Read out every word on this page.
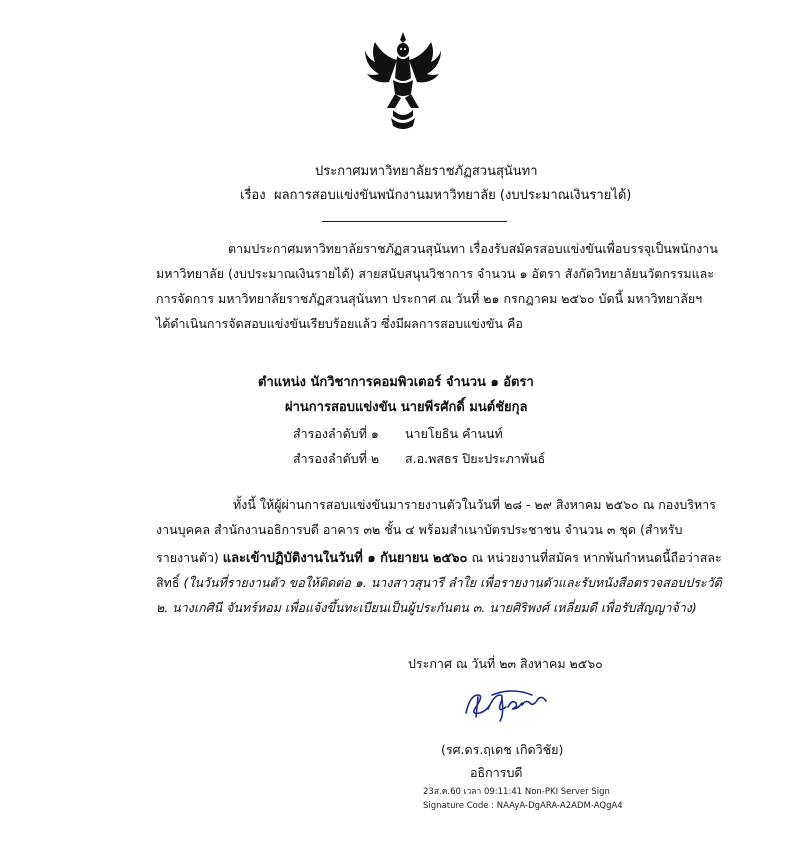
ประกาศมหาวิทยาลัยราชภัฏสวนสุนันทา
เรื่อง ผลการสอบแข่งขันพนักงานมหาวิทยาลัย (งบประมาณเงินรายได้)
ตามประกาศมหาวิทยาลัยราชภัฏสวนสุนันทา เรื่องรับสมัครสอบแข่งขันเพื่อบรรจุเป็นพนักงาน
มหาวิทยาลัย (งบประมาณเงินรายได้) สายสนับสนุนวิชาการ จำนวน ๑ อัตรา สังกัดวิทยาลัยนวัตกรรมและ
การจัดการ มหาวิทยาลัยราชภัฏสวนสุนันทา ประกาศ ณ วันที่ ๒๑ กรกฎาคม ๒๕๖๐ บัดนี้ มหาวิทยาลัยฯ
ได้ดำเนินการจัดสอบแข่งขันเรียบร้อยแล้ว ซึ่งมีผลการสอบแข่งขัน คือ
ตำแหน่ง นักวิชาการคอมพิวเตอร์ จำนวน ๑ อัตรา
ผ่านการสอบแข่งขัน นายพีรศักดิ์ มนต์ชัยกุล
สำรองลำดับที่ ๑ นายโยธิน คำนนท์
สำรองลำดับที่ ๒ ส.อ.พสธร ปิยะประภาพันธ์
ทั้งนี้ ให้ผู้ผ่านการสอบแข่งขันมารายงานตัวในวันที่ ๒๘ - ๒๙ สิงหาคม ๒๕๖๐ ณ กองบริหาร
งานบุคคล สำนักงานอธิการบดี อาคาร ๓๒ ชั้น ๔ พร้อมสำเนาบัตรประชาชน จำนวน ๓ ชุด (สำหรับ
รายงานตัว) และเข้าปฏิบัติงานในวันที่ ๑ กันยายน ๒๕๖๐ ณ หน่วยงานที่สมัคร หากพ้นกำหนดนี้ถือว่าสละ
สิทธิ์ (ในวันที่รายงานตัว ขอให้ติดต่อ ๑. นางสาวสุนารี ลำใย เพื่อรายงานตัวและรับหนังสือตรวจสอบประวัติ
๒. นางเกศินี จันทร์หอม เพื่อแจ้งขึ้นทะเบียนเป็นผู้ประกันตน ๓. นายศิริพงศ์ เหลี่ยมดี เพื่อรับสัญญาจ้าง)
ประกาศ ณ วันที่ ๒๓ สิงหาคม ๒๕๖๐
(รศ.ดร.ฤเดช เกิดวิชัย)
อธิการบดี
23ส.ค.60 เวลา 09:11:41 Non-PKI Server Sign
Signature Code : NAAyA-DgARA-A2ADM-AQgA4
